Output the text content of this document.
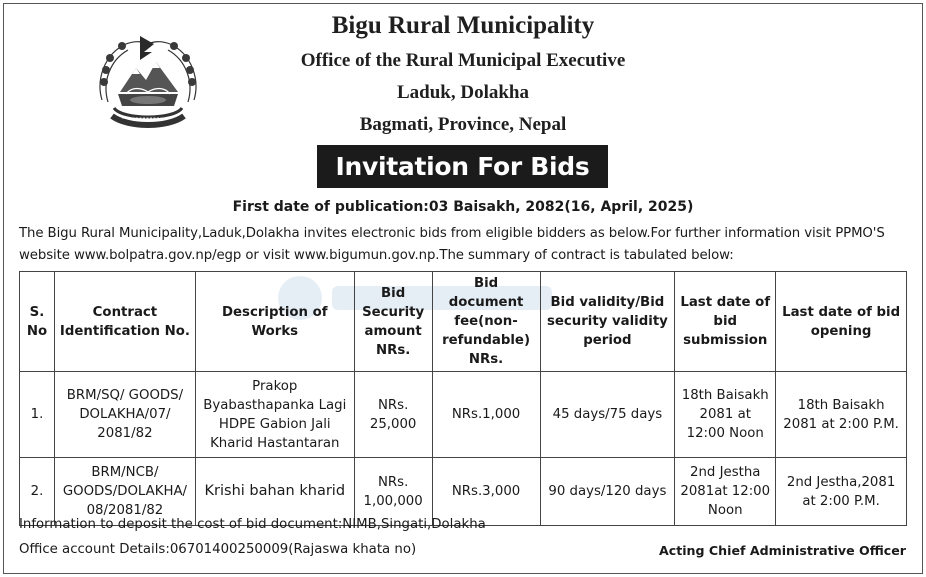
Bigu Rural Municipality
Office of the Rural Municipal Executive
Laduk, Dolakha
Bagmati, Province, Nepal
Invitation For Bids
First date of publication:03 Baisakh, 2082(16, April, 2025)
The Bigu Rural Municipality,Laduk,Dolakha invites electronic bids from eligible bidders as below.For further information visit PPMO'S website www.bolpatra.gov.np/egp or visit www.bigumun.gov.np.The summary of contract is tabulated below:
S. No	Contract Identification No.	Description of Works	Bid Security amount NRs.	Bid document fee(non-refundable) NRs.	Bid validity/Bid security validity period	Last date of bid submission	Last date of bid opening
1.	BRM/SQ/ GOODS/ DOLAKHA/07/ 2081/82	Prakop Byabasthapanka Lagi HDPE Gabion Jali Kharid Hastantaran	NRs. 25,000	NRs.1,000	45 days/75 days	18th Baisakh 2081 at 12:00 Noon	18th Baisakh 2081 at 2:00 P.M.
2.	BRM/NCB/ GOODS/DOLAKHA/ 08/2081/82	Krishi bahan kharid	NRs. 1,00,000	NRs.3,000	90 days/120 days	2nd Jestha 2081at 12:00 Noon	2nd Jestha,2081 at 2:00 P.M.
Information to deposit the cost of bid document:NIMB,Singati,Dolakha
Office account Details:06701400250009(Rajaswa khata no)	Acting Chief Administrative Officer
